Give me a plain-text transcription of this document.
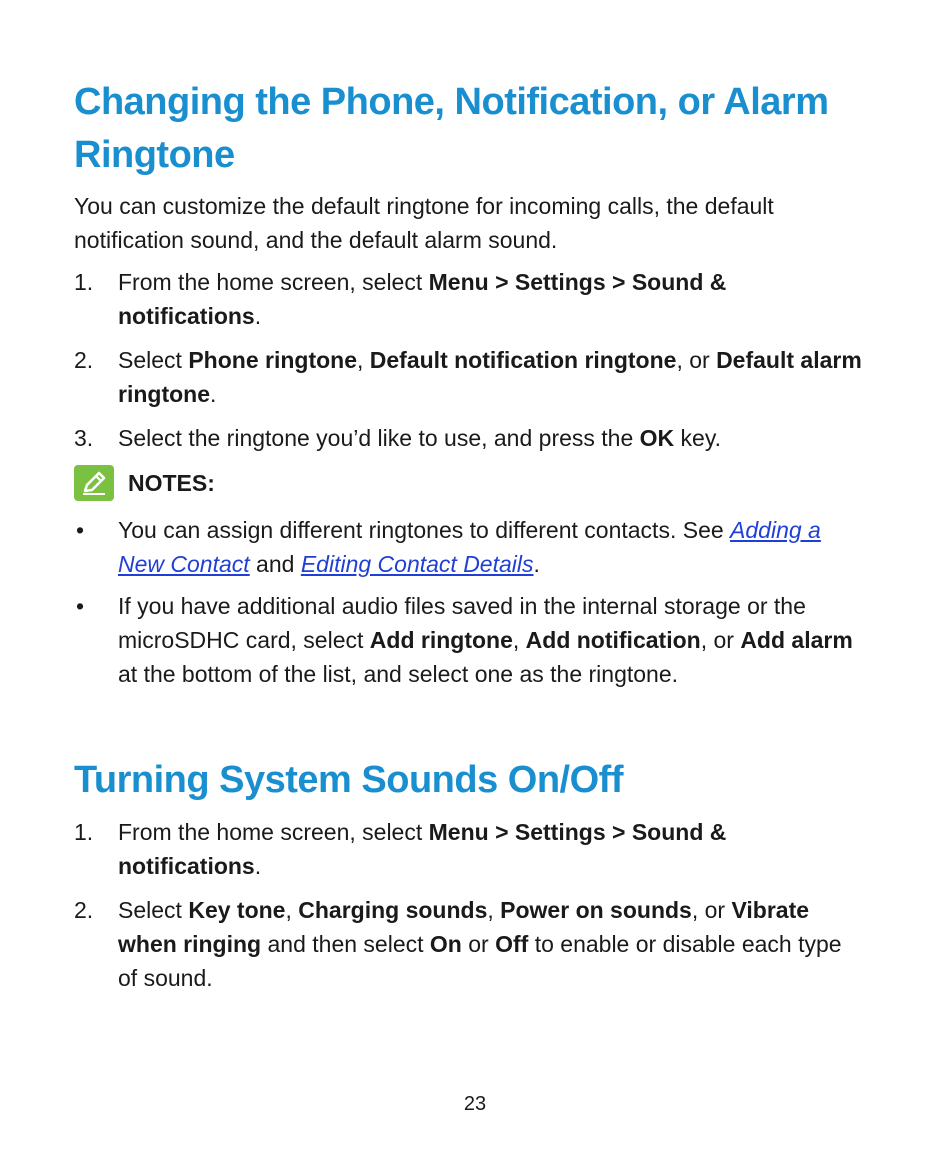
Changing the Phone, Notification, or Alarm Ringtone

You can customize the default ringtone for incoming calls, the default notification sound, and the default alarm sound.

1.	From the home screen, select Menu > Settings > Sound & notifications.
2.	Select Phone ringtone, Default notification ringtone, or Default alarm ringtone.
3.	Select the ringtone you’d like to use, and press the OK key.
NOTES:
• You can assign different ringtones to different contacts. See Adding a New Contact and Editing Contact Details.
• If you have additional audio files saved in the internal storage or the microSDHC card, select Add ringtone, Add notification, or Add alarm at the bottom of the list, and select one as the ringtone.
Turning System Sounds On/Off
1.	From the home screen, select Menu > Settings > Sound & notifications.
2.	Select Key tone, Charging sounds, Power on sounds, or Vibrate when ringing and then select On or Off to enable or disable each type of sound.
23
